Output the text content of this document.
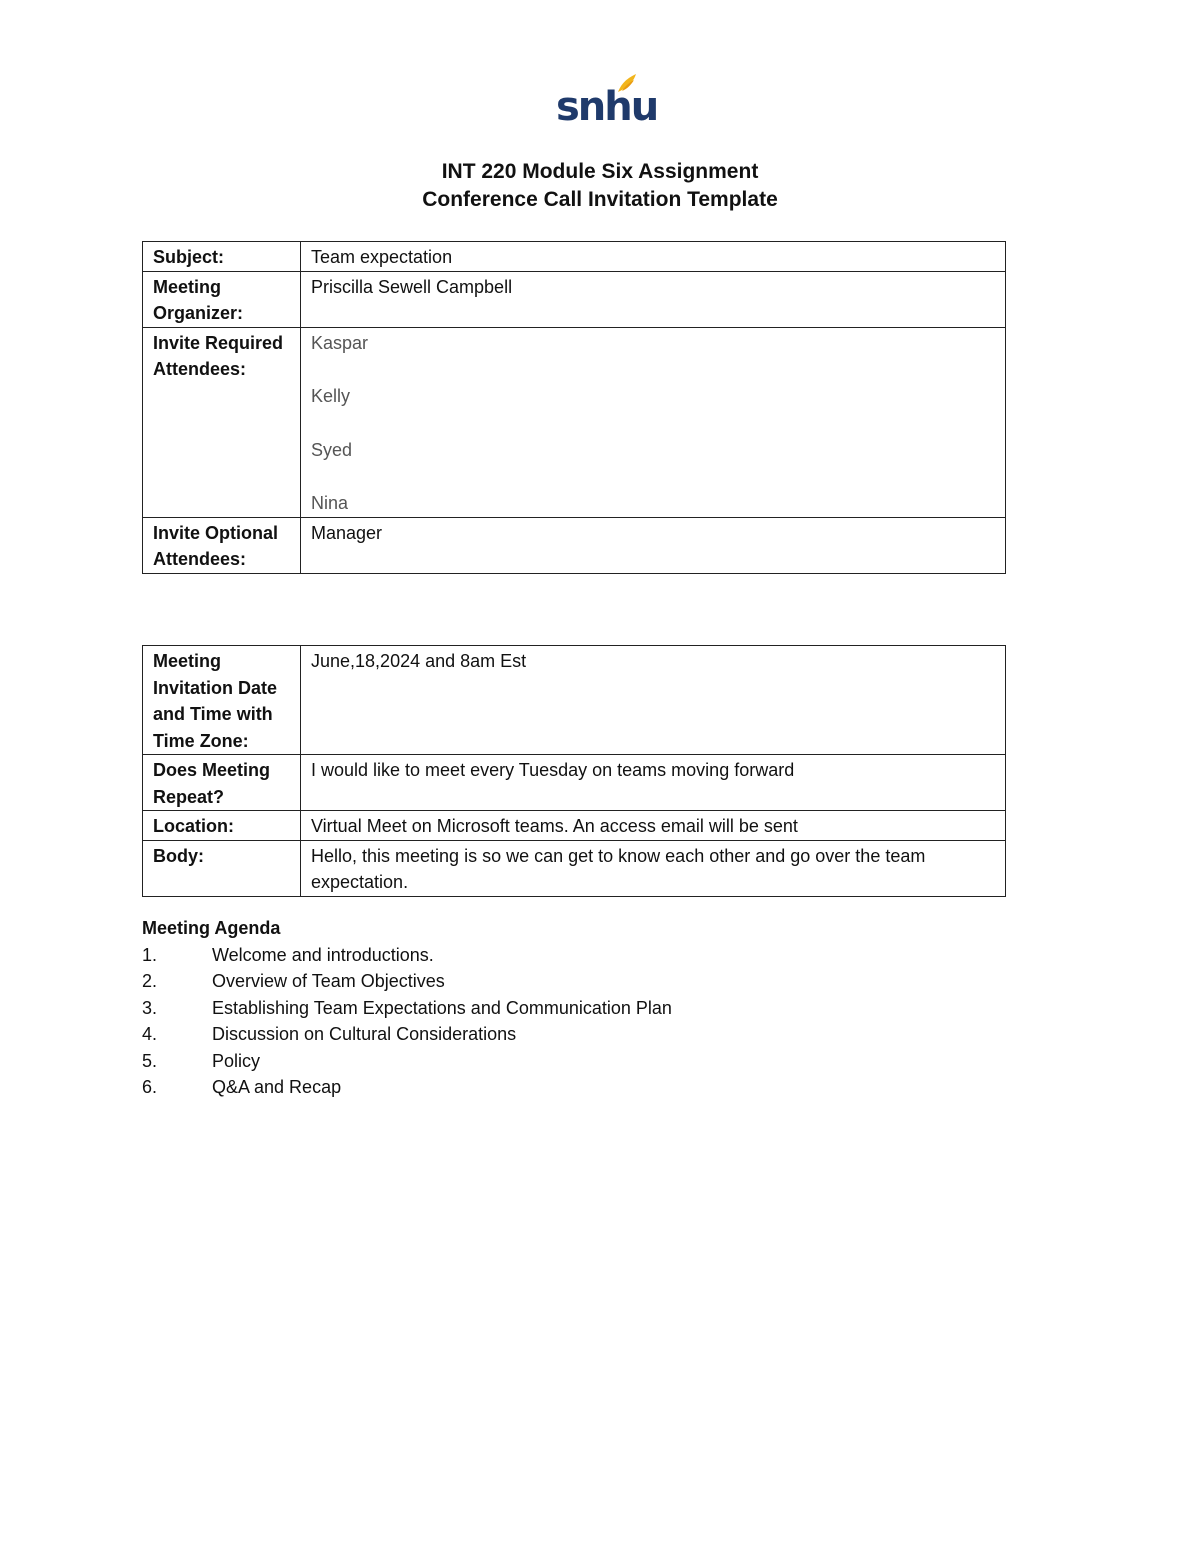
snhu
INT 220 Module Six Assignment
Conference Call Invitation Template
Subject:	Team expectation
Meeting Organizer:	Priscilla Sewell Campbell
Invite Required Attendees:	Kaspar
Kelly
Syed
Nina

Invite Optional Attendees:	Manager
Meeting Invitation Date and Time with Time Zone:	June,18,2024 and 8am Est
Does Meeting Repeat?	I would like to meet every Tuesday on teams moving forward
Location:	Virtual Meet on Microsoft teams. An access email will be sent
Body:	Hello, this meeting is so we can get to know each other and go over the team expectation.
Meeting Agenda
1.	Welcome and introductions.
2.	Overview of Team Objectives
3.	Establishing Team Expectations and Communication Plan
4.	Discussion on Cultural Considerations
5.	Policy
6.	Q&A and Recap
